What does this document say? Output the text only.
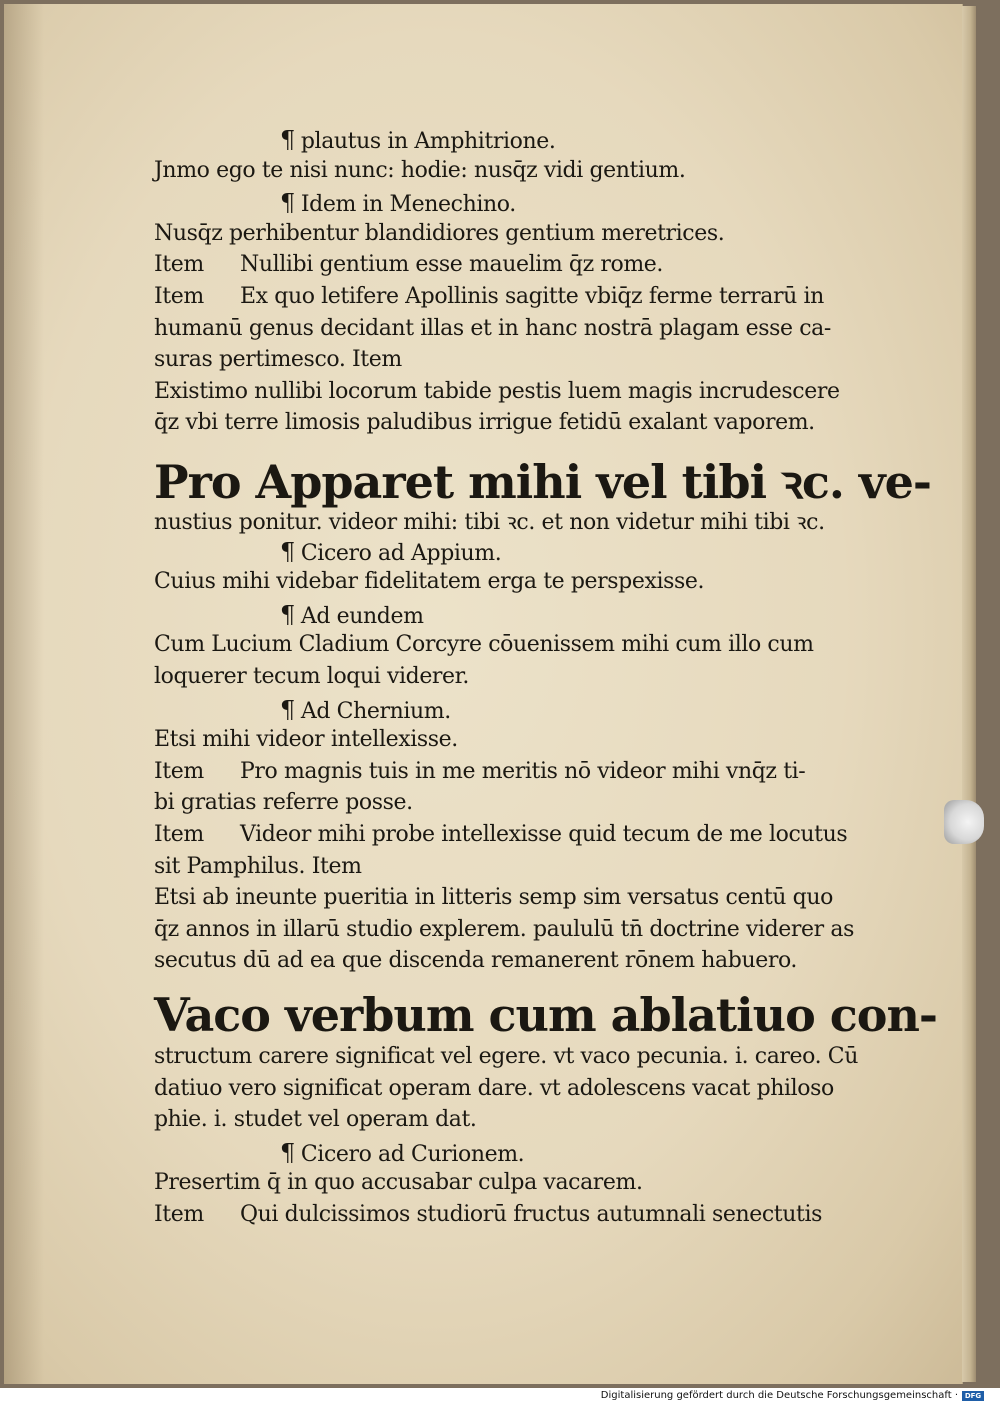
¶ plautus in Amphitrione.
Jnmo ego te nisi nunc: hodie: nusq̄z vidi gentium.
¶ Idem in Menechino.
Nusq̄z perhibentur blandidiores gentium meretrices.
Item Nullibi gentium esse mauelim q̄z rome.
Item Ex quo letifere Apollinis sagitte vbiq̄z ferme terrarū in
humanū genus decidant illas et in hanc nostrā plagam esse ca-
suras pertimesco. Item
Existimo nullibi locorum tabide pestis luem magis incrudescere
q̄z vbi terre limosis paludibus irrigue fetidū exalant vaporem.
Pro Apparet mihi vel tibi ꝛc. ve-
nustius ponitur. videor mihi: tibi ꝛc. et non videtur mihi tibi ꝛc.
¶ Cicero ad Appium.
Cuius mihi videbar fidelitatem erga te perspexisse.
¶ Ad eundem
Cum Lucium Cladium Corcyre cōuenissem mihi cum illo cum
loquerer tecum loqui viderer.
¶ Ad Chernium.
Etsi mihi videor intellexisse.
Item Pro magnis tuis in me meritis nō videor mihi vnq̄z ti-
bi gratias referre posse.
Item Videor mihi probe intellexisse quid tecum de me locutus
sit Pamphilus. Item
Etsi ab ineunte pueritia in litteris semp sim versatus centū quo
q̄z annos in illarū studio explerem. paululū tn̄ doctrine viderer as
secutus dū ad ea que discenda remanerent rōnem habuero.
Vaco verbum cum ablatiuo con-
structum carere significat vel egere. vt vaco pecunia. i. careo. Cū
datiuo vero significat operam dare. vt adolescens vacat philoso
phie. i. studet vel operam dat.
¶ Cicero ad Curionem.
Presertim q̄ in quo accusabar culpa vacarem.
Item Qui dulcissimos studiorū fructus autumnali senectutis
Digitalisierung gefördert durch die Deutsche Forschungsgemeinschaft · DFG
